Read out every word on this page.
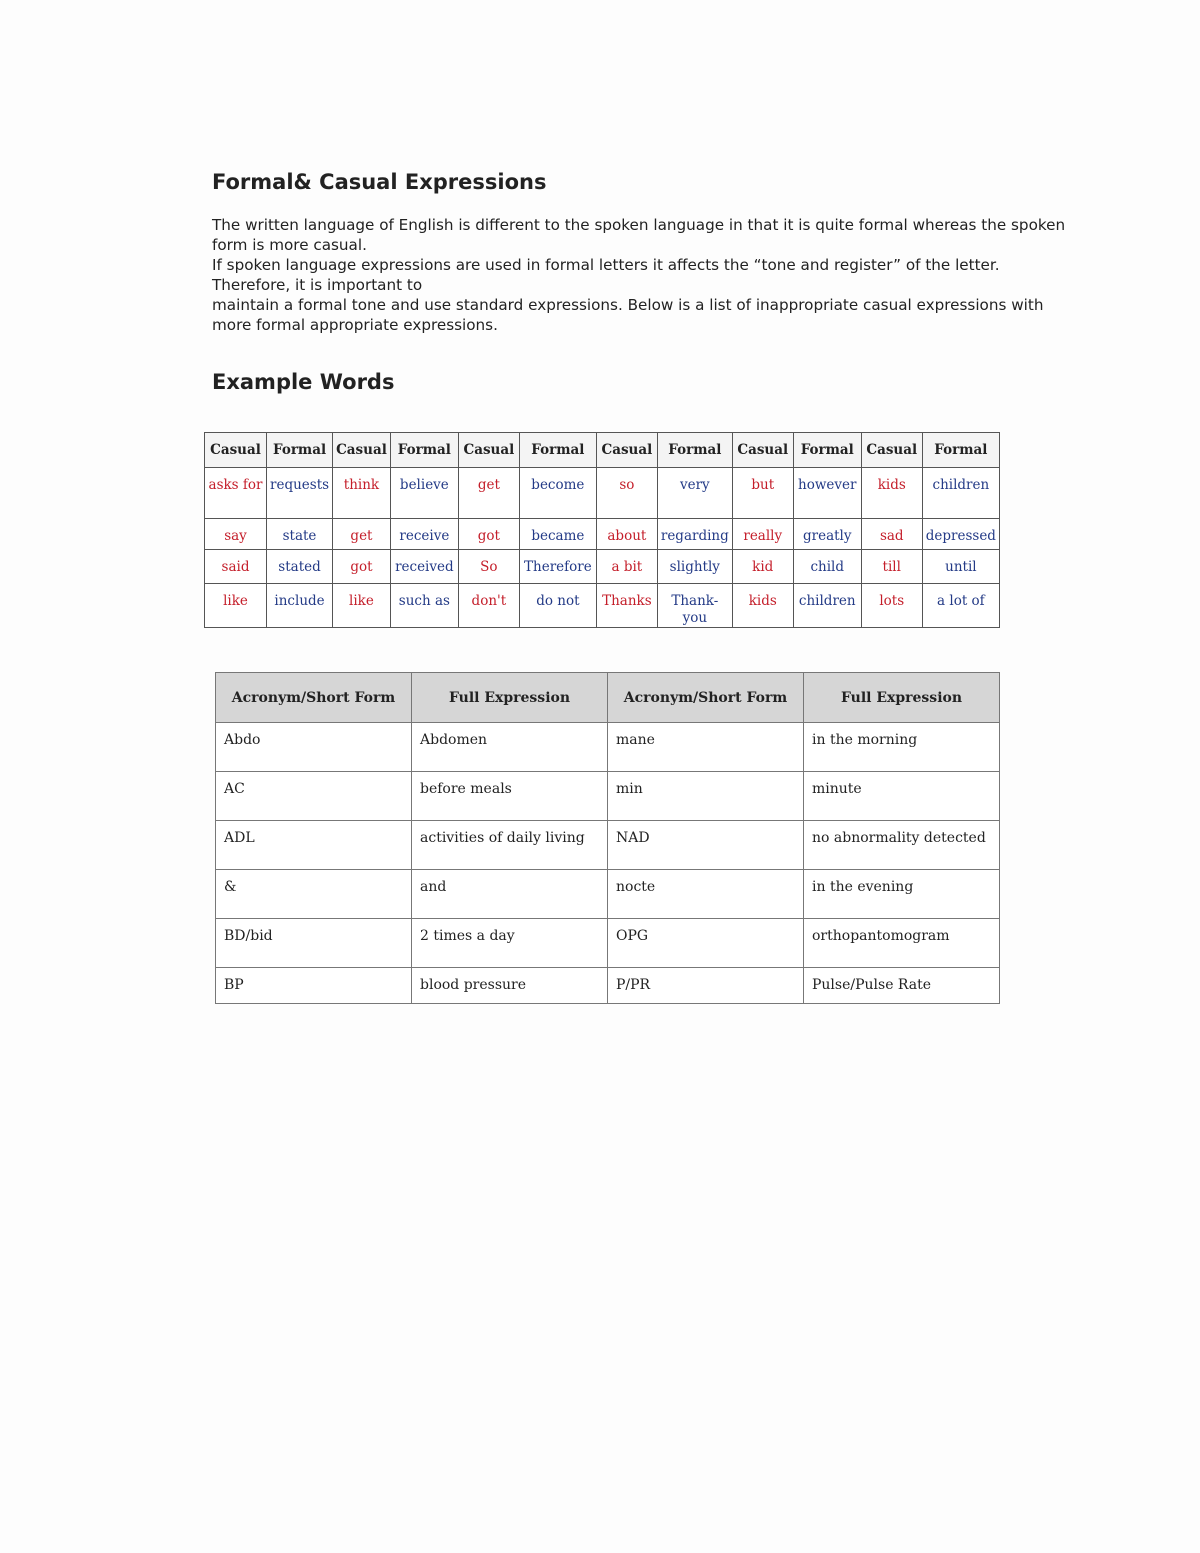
Formal& Casual Expressions

The written language of English is different to the spoken language in that it is quite formal whereas the spoken form is more casual.

If spoken language expressions are used in formal letters it affects the “tone and register” of the letter. Therefore, it is important to

maintain a formal tone and use standard expressions. Below is a list of inappropriate casual expressions with more formal appropriate expressions.

Example Words
Casual	Formal	Casual	Formal	Casual	Formal	Casual	Formal	Casual	Formal	Casual	Formal
asks for	requests	think	believe	get	become	so	very	but	however	kids	children
say	state	get	receive	got	became	about	regarding	really	greatly	sad	depressed
said	stated	got	received	So	Therefore	a bit	slightly	kid	child	till	until
like	include	like	such as	don't	do not	Thanks	Thank-you	kids	children	lots	a lot of
Acronym/Short Form	Full Expression	Acronym/Short Form	Full Expression
Abdo	Abdomen	mane	in the morning
AC	before meals	min	minute
ADL	activities of daily living	NAD	no abnormality detected
&	and	nocte	in the evening
BD/bid	2 times a day	OPG	orthopantomogram
BP	blood pressure	P/PR	Pulse/Pulse Rate
